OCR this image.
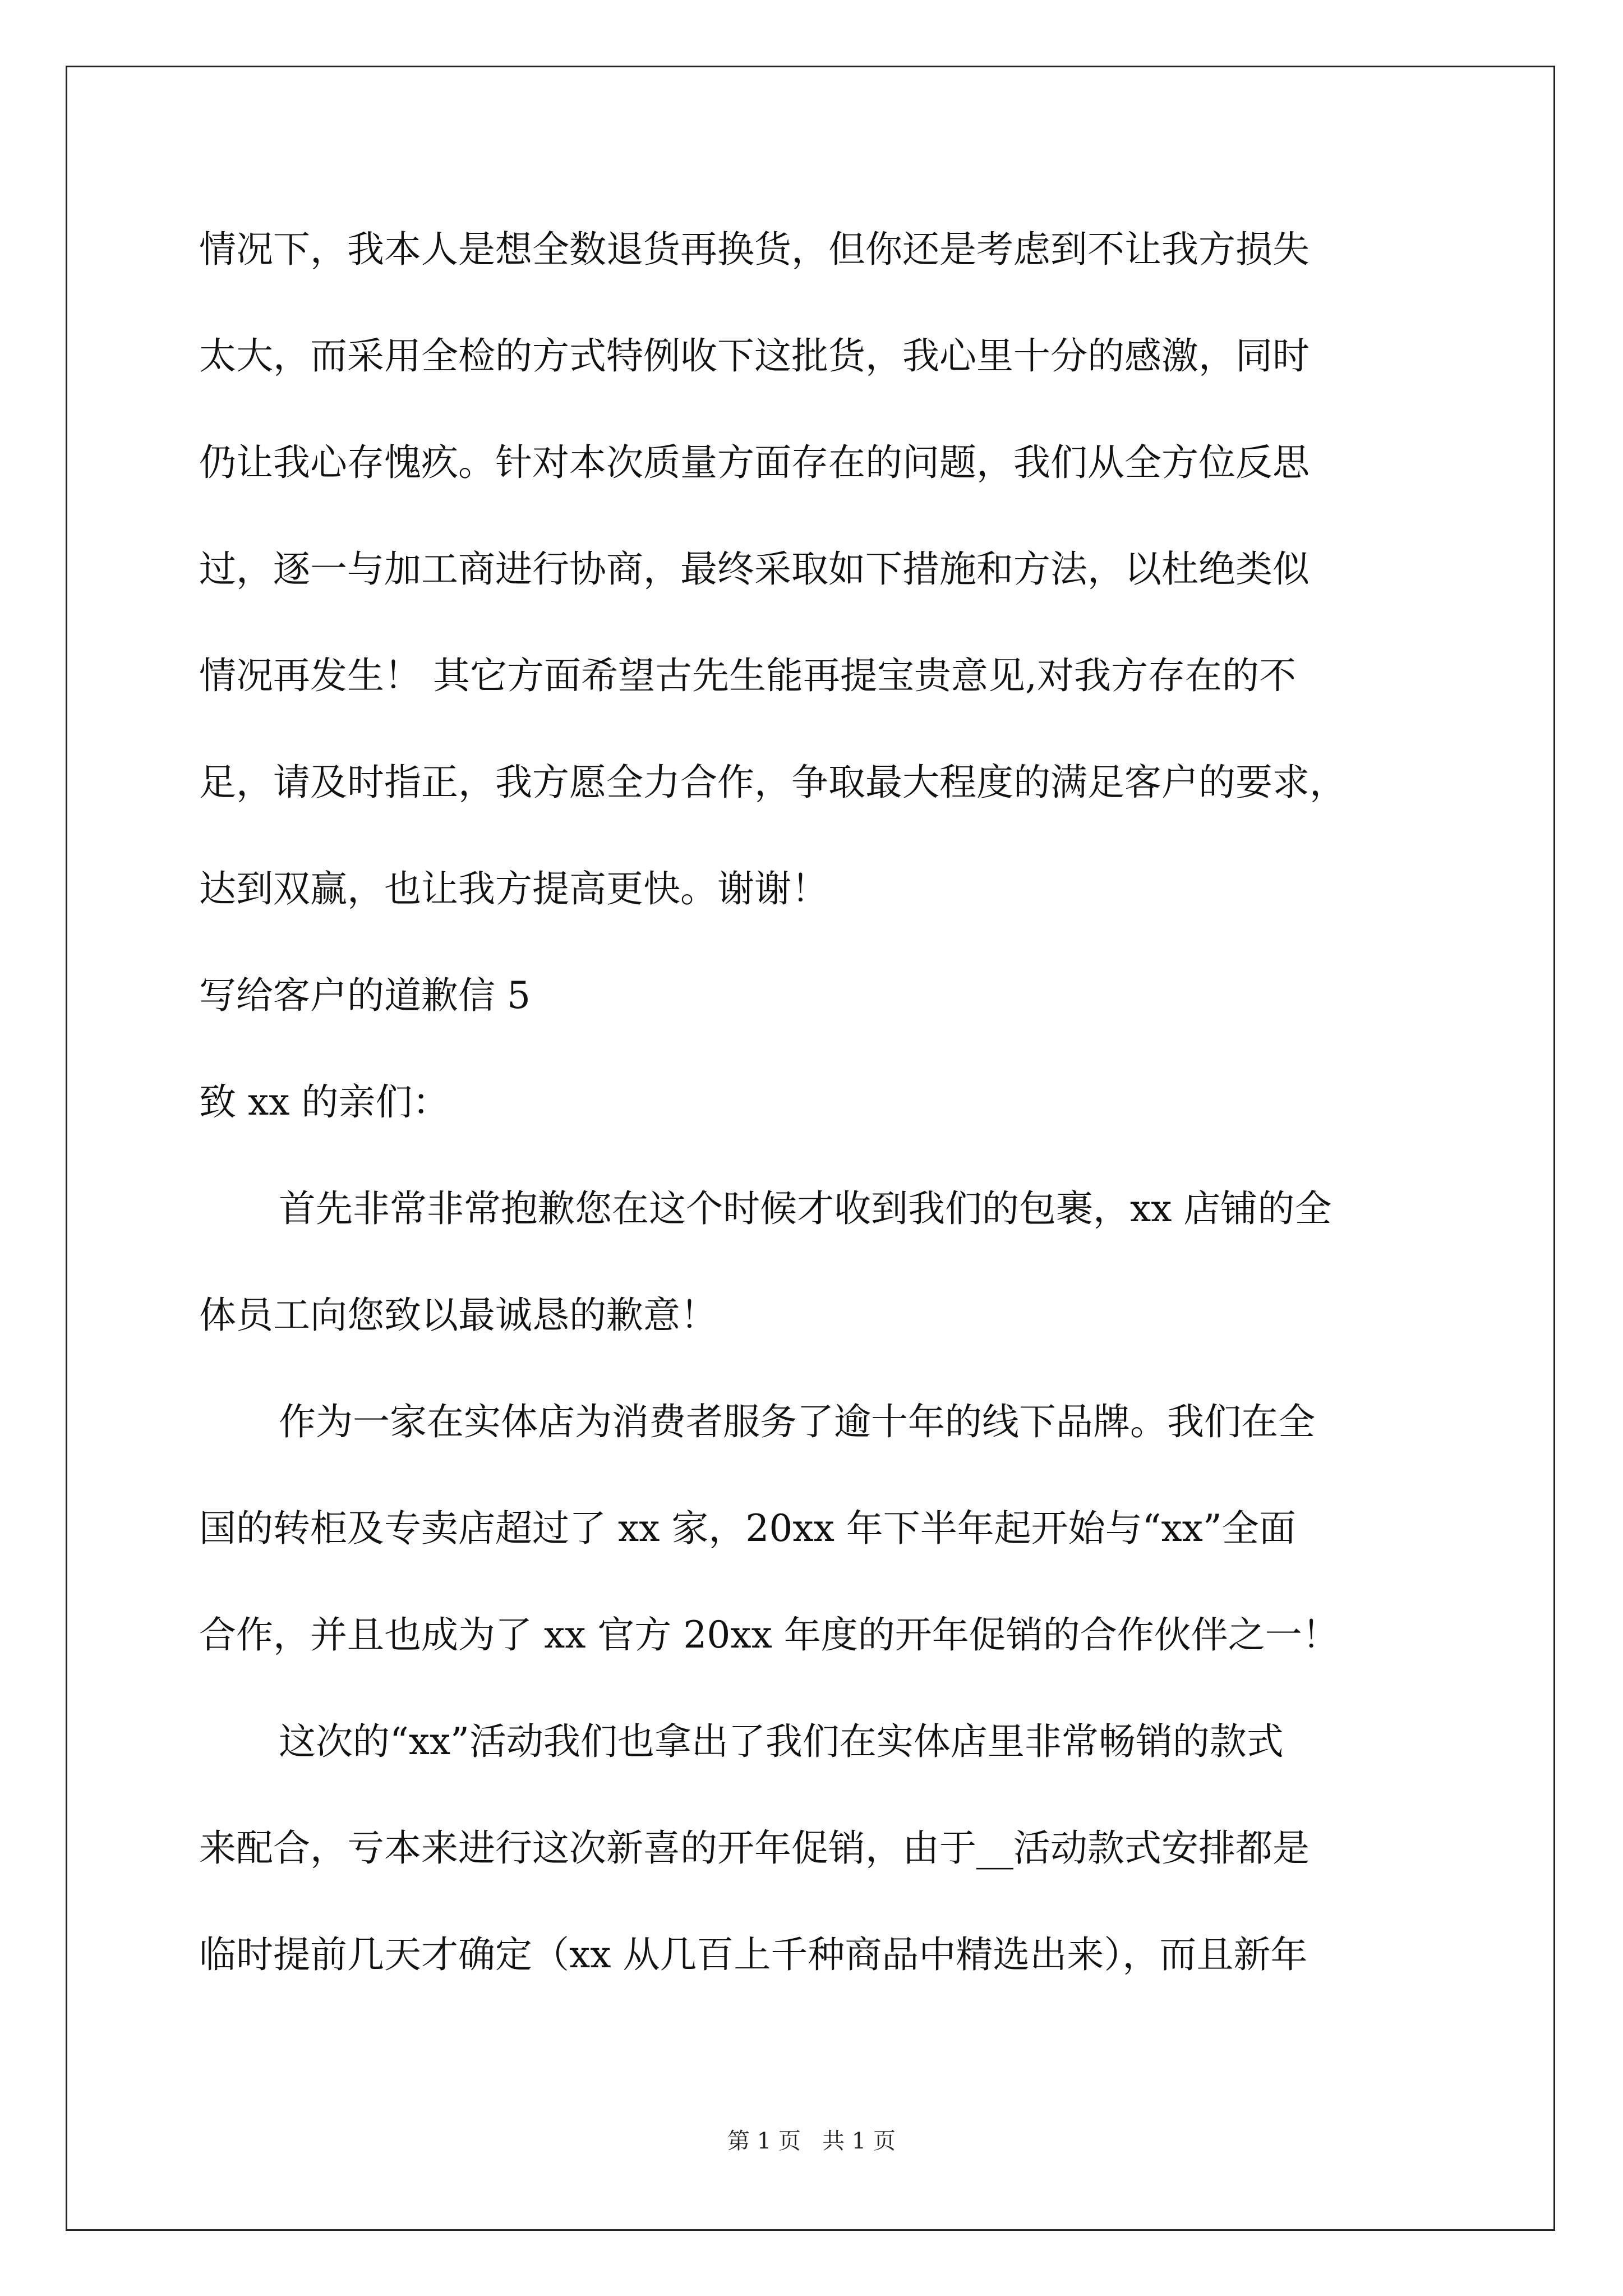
情况下，我本人是想全数退货再换货，但你还是考虑到不让我方损失
太大，而采用全检的方式特例收下这批货，我心里十分的感激，同时
仍让我心存愧疚。针对本次质量方面存在的问题，我们从全方位反思
过，逐一与加工商进行协商，最终采取如下措施和方法，以杜绝类似
情况再发生！ 其它方面希望古先生能再提宝贵意见,对我方存在的不
足，请及时指正，我方愿全力合作，争取最大程度的满足客户的要求，
达到双赢，也让我方提高更快。谢谢！
写给客户的道歉信 5
致 xx 的亲们：
首先非常非常抱歉您在这个时候才收到我们的包裹，xx 店铺的全
体员工向您致以最诚恳的歉意！
作为一家在实体店为消费者服务了逾十年的线下品牌。我们在全
国的转柜及专卖店超过了 xx 家，20xx 年下半年起开始与“xx”全面
合作，并且也成为了 xx 官方 20xx 年度的开年促销的合作伙伴之一！
这次的“xx”活动我们也拿出了我们在实体店里非常畅销的款式
来配合，亏本来进行这次新喜的开年促销，由于__活动款式安排都是
临时提前几天才确定（xx 从几百上千种商品中精选出来），而且新年
第 1 页   共 1 页
